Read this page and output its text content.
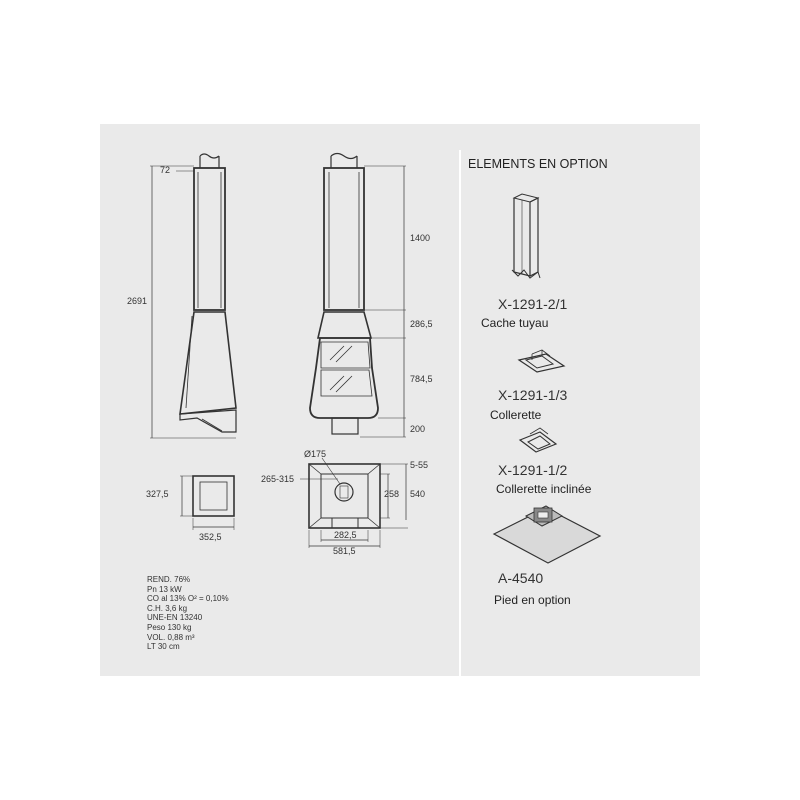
72
2691
1400
286,5
784,5
200
327,5
352,5
Ø175
265-315
5-55
258 540
282,5
581,5
REND. 76%
Pn 13 kW
CO al 13% O² = 0,10%
C.H. 3,6 kg
UNE-EN 13240
Peso 130 kg
VOL. 0,88 m³
LT 30 cm
ELEMENTS EN OPTION
X-1291-2/1
Cache tuyau
X-1291-1/3
Collerette
X-1291-1/2
Collerette inclinée
A-4540
Pied en option
